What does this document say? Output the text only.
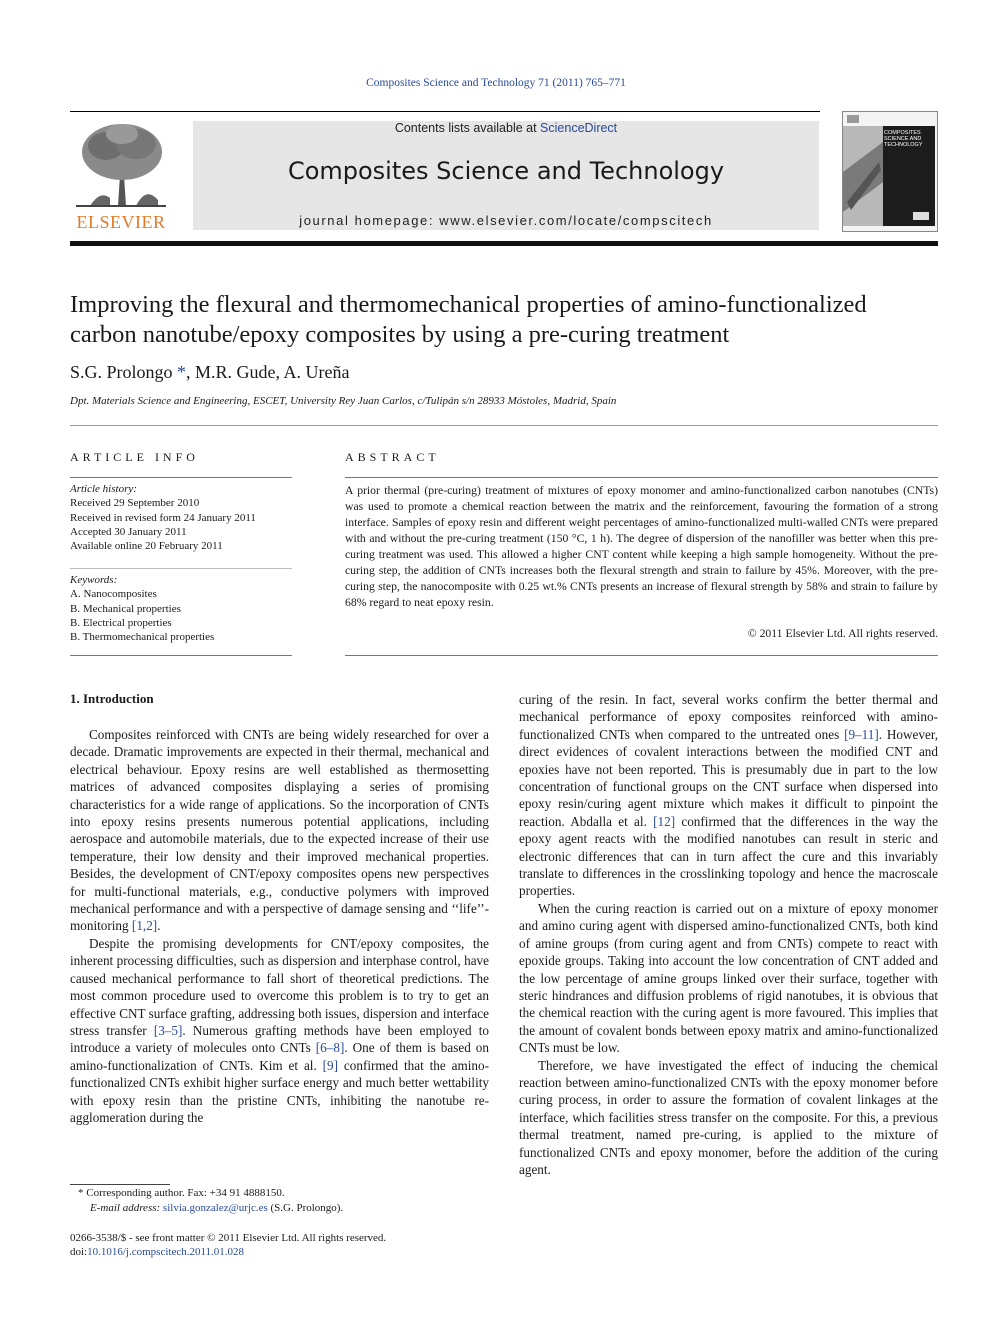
Composites Science and Technology 71 (2011) 765–771
ELSEVIER
Contents lists available at ScienceDirect
Composites Science and Technology
journal homepage: www.elsevier.com/locate/compscitech
COMPOSITES SCIENCE AND TECHNOLOGY
Improving the flexural and thermomechanical properties of amino-functionalized
carbon nanotube/epoxy composites by using a pre-curing treatment
S.G. Prolongo *, M.R. Gude, A. Ureña
Dpt. Materials Science and Engineering, ESCET, University Rey Juan Carlos, c/Tulipán s/n 28933 Móstoles, Madrid, Spain
ARTICLE INFO	ABSTRACT
Article history:
Received 29 September 2010
Received in revised form 24 January 2011
Accepted 30 January 2011
Available online 20 February 2011
Keywords:
A. Nanocomposites
B. Mechanical properties
B. Electrical properties
B. Thermomechanical properties
A prior thermal (pre-curing) treatment of mixtures of epoxy monomer and amino-functionalized carbon nanotubes (CNTs) was used to promote a chemical reaction between the matrix and the reinforcement, favouring the formation of a strong interface. Samples of epoxy resin and different weight percentages of amino-functionalized multi-walled CNTs were prepared with and without the pre-curing treatment (150 °C, 1 h). The degree of dispersion of the nanofiller was better when this pre-curing treatment was used. This allowed a higher CNT content while keeping a high sample homogeneity. Without the pre-curing step, the addition of CNTs increases both the flexural strength and strain to failure by 45%. Moreover, with the pre-curing step, the nanocomposite with 0.25 wt.% CNTs presents an increase of flexural strength by 58% and strain to failure by 68% regard to neat epoxy resin.
© 2011 Elsevier Ltd. All rights reserved.
1. Introduction

Composites reinforced with CNTs are being widely researched for over a decade. Dramatic improvements are expected in their thermal, mechanical and electrical behaviour. Epoxy resins are well established as thermosetting matrices of advanced composites displaying a series of promising characteristics for a wide range of applications. So the incorporation of CNTs into epoxy resins presents numerous potential applications, including aerospace and automobile materials, due to the expected increase of their use temperature, their low density and their improved mechanical properties. Besides, the development of CNT/epoxy composites opens new perspectives for multi-functional materials, e.g., conductive polymers with improved mechanical performance and with a perspective of damage sensing and ‘‘life’’-monitoring [1,2].

Despite the promising developments for CNT/epoxy composites, the inherent processing difficulties, such as dispersion and interphase control, have caused mechanical performance to fall short of theoretical predictions. The most common procedure used to overcome this problem is to try to get an effective CNT surface grafting, addressing both issues, dispersion and interface stress transfer [3–5]. Numerous grafting methods have been employed to introduce a variety of molecules onto CNTs [6–8]. One of them is based on amino-functionalization of CNTs. Kim et al. [9] confirmed that the amino-functionalized CNTs exhibit higher surface energy and much better wettability with epoxy resin than the pristine CNTs, inhibiting the nanotube re-agglomeration during the

curing of the resin. In fact, several works confirm the better thermal and mechanical performance of epoxy composites reinforced with amino-functionalized CNTs when compared to the untreated ones [9–11]. However, direct evidences of covalent interactions between the modified CNT and epoxies have not been reported. This is presumably due in part to the low concentration of functional groups on the CNT surface when dispersed into epoxy resin/curing agent mixture which makes it difficult to pinpoint the reaction. Abdalla et al. [12] confirmed that the differences in the way the epoxy agent reacts with the modified nanotubes can result in steric and electronic differences that can in turn affect the cure and this invariably translate to differences in the crosslinking topology and hence the macroscale properties.

When the curing reaction is carried out on a mixture of epoxy monomer and amino curing agent with dispersed amino-functionalized CNTs, both kind of amine groups (from curing agent and from CNTs) compete to react with epoxide groups. Taking into account the low concentration of CNT added and the low percentage of amine groups linked over their surface, together with steric hindrances and diffusion problems of rigid nanotubes, it is obvious that the chemical reaction with the curing agent is more favoured. This implies that the amount of covalent bonds between epoxy matrix and amino-functionalized CNTs must be low.

Therefore, we have investigated the effect of inducing the chemical reaction between amino-functionalized CNTs with the epoxy monomer before curing process, in order to assure the formation of covalent linkages at the interface, which facilities stress transfer on the composite. For this, a previous thermal treatment, named pre-curing, is applied to the mixture of functionalized CNTs and epoxy monomer, before the addition of the curing agent.

* Corresponding author. Fax: +34 91 4888150.
E-mail address: silvia.gonzalez@urjc.es (S.G. Prolongo).
0266-3538/$ - see front matter © 2011 Elsevier Ltd. All rights reserved.
doi:10.1016/j.compscitech.2011.01.028
